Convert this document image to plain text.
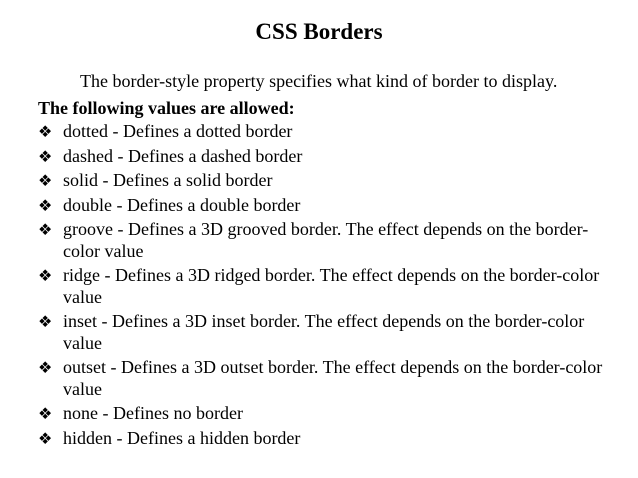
CSS Borders

The border-style property specifies what kind of border to display.

The following values are allowed:

❖ dotted - Defines a dotted border
❖ dashed - Defines a dashed border
❖ solid - Defines a solid border
❖ double - Defines a double border
❖ groove - Defines a 3D grooved border. The effect depends on the border-color value
❖ ridge - Defines a 3D ridged border. The effect depends on the border-color value
❖ inset - Defines a 3D inset border. The effect depends on the border-color value
❖ outset - Defines a 3D outset border. The effect depends on the border-color value
❖ none - Defines no border
❖ hidden - Defines a hidden border
